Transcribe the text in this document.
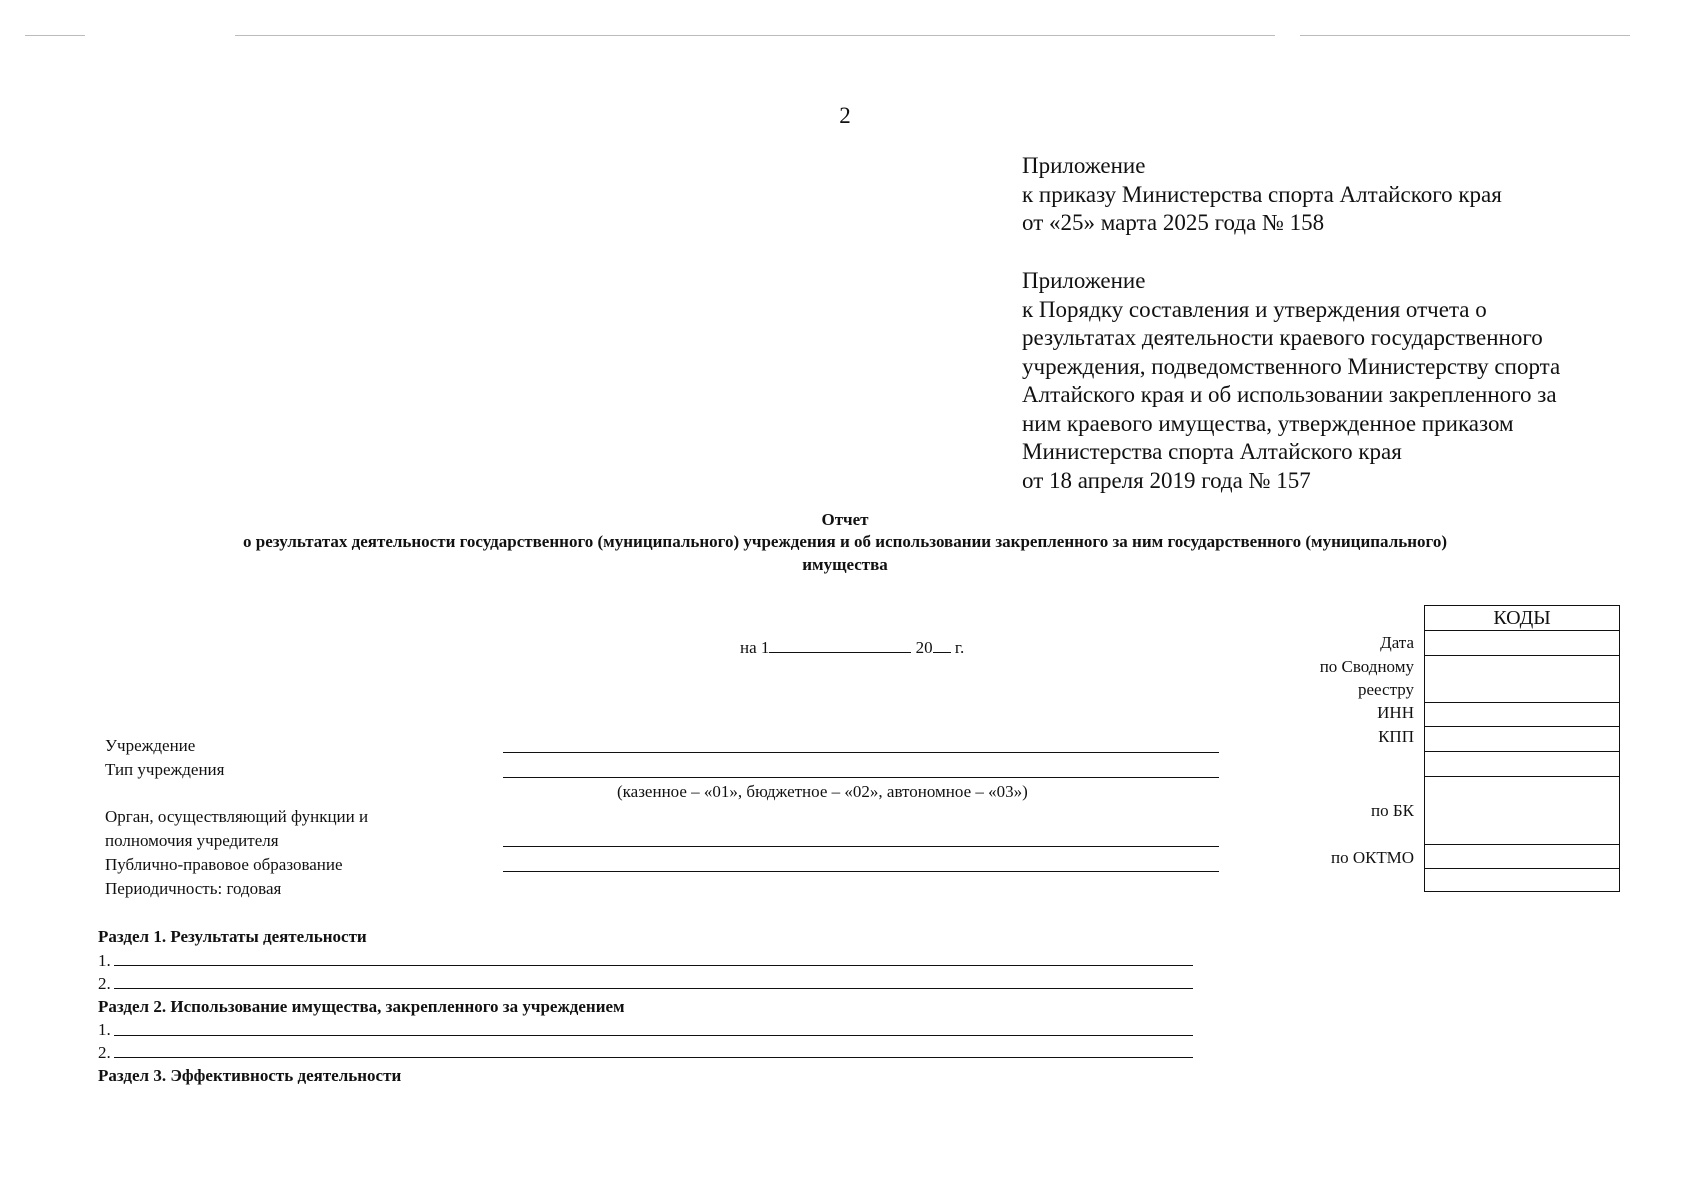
2
Приложение
к приказу Министерства спорта Алтайского края
от «25» марта 2025 года № 158
Приложение
к Порядку составления и утверждения отчета о
результатах деятельности краевого государственного
учреждения, подведомственного Министерству спорта
Алтайского края и об использовании закрепленного за
ним краевого имущества, утвержденное приказом
Министерства спорта Алтайского края
от 18 апреля 2019 года № 157
Отчет
о результатах деятельности государственного (муниципального) учреждения и об использовании закрепленного за ним государственного (муниципального)
имущества
на 1	20 г.
КОДЫ
Дата
по Сводному
реестру
ИНН
КПП
по БК
по ОКТМО
Учреждение
Тип учреждения
Орган, осуществляющий функции и
полномочия учредителя
Публично-правовое образование
Периодичность: годовая
(казенное – «01», бюджетное – «02», автономное – «03»)
Раздел 1. Результаты деятельности
1.
2.
Раздел 2. Использование имущества, закрепленного за учреждением
1.
2.
Раздел 3. Эффективность деятельности
